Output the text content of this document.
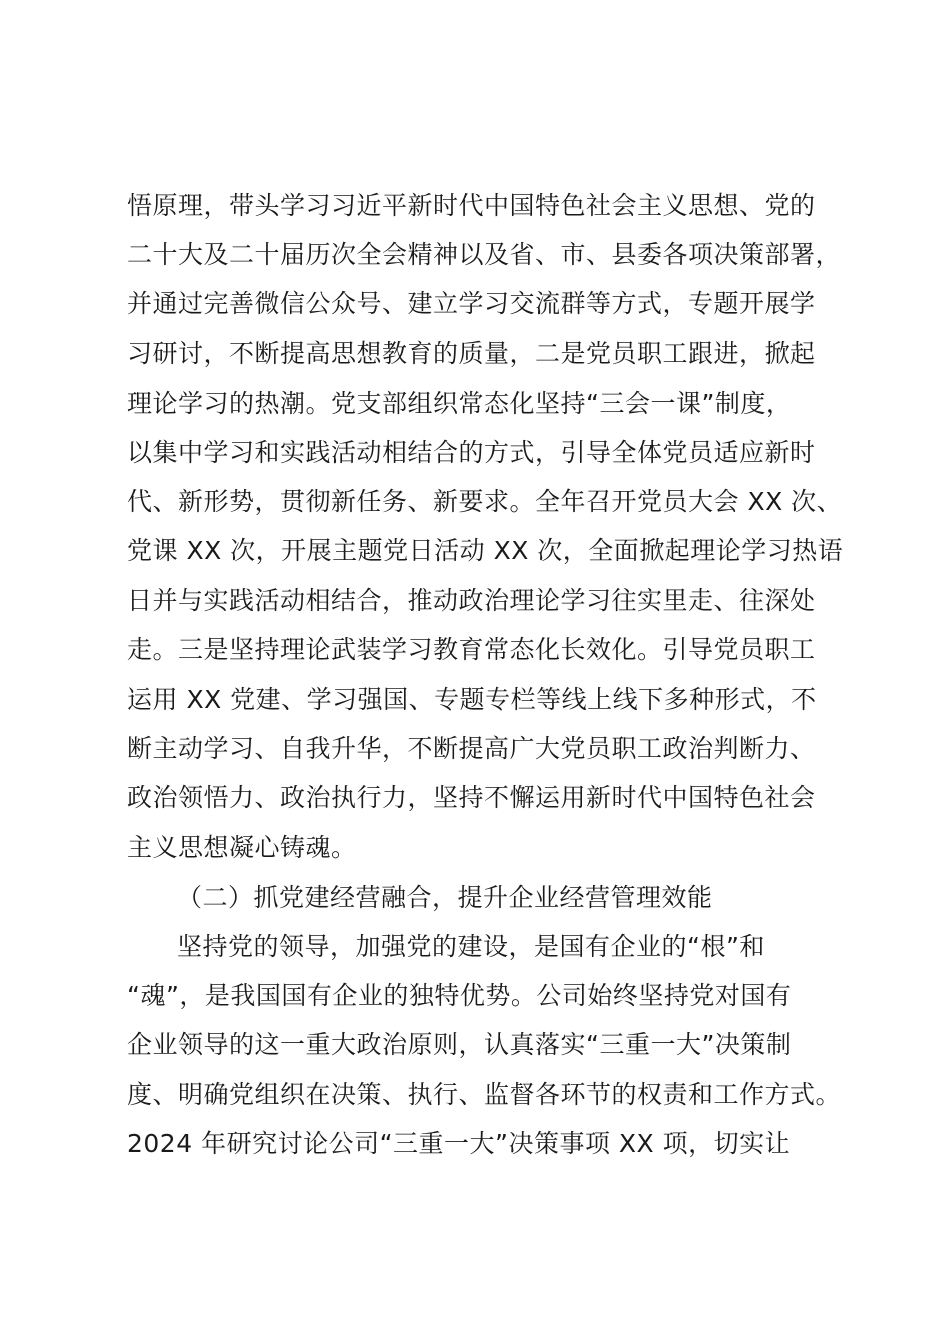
悟原理，带头学习习近平新时代中国特色社会主义思想、党的
二十大及二十届历次全会精神以及省、市、县委各项决策部署，
并通过完善微信公众号、建立学习交流群等方式，专题开展学
习研讨，不断提高思想教育的质量，二是党员职工跟进，掀起
理论学习的热潮。党支部组织常态化坚持“三会一课”制度，
以集中学习和实践活动相结合的方式，引导全体党员适应新时
代、新形势，贯彻新任务、新要求。全年召开党员大会 XX 次、
党课 XX 次，开展主题党日活动 XX 次，全面掀起理论学习热语
日并与实践活动相结合，推动政治理论学习往实里走、往深处
走。三是坚持理论武装学习教育常态化长效化。引导党员职工
运用 XX 党建、学习强国、专题专栏等线上线下多种形式，不
断主动学习、自我升华，不断提高广大党员职工政治判断力、
政治领悟力、政治执行力，坚持不懈运用新时代中国特色社会
主义思想凝心铸魂。
（二）抓党建经营融合，提升企业经营管理效能
坚持党的领导，加强党的建设，是国有企业的“根”和
“魂”，是我国国有企业的独特优势。公司始终坚持党对国有
企业领导的这一重大政治原则，认真落实“三重一大”决策制
度、明确党组织在决策、执行、监督各环节的权责和工作方式。
2024 年研究讨论公司“三重一大”决策事项 XX 项，切实让
